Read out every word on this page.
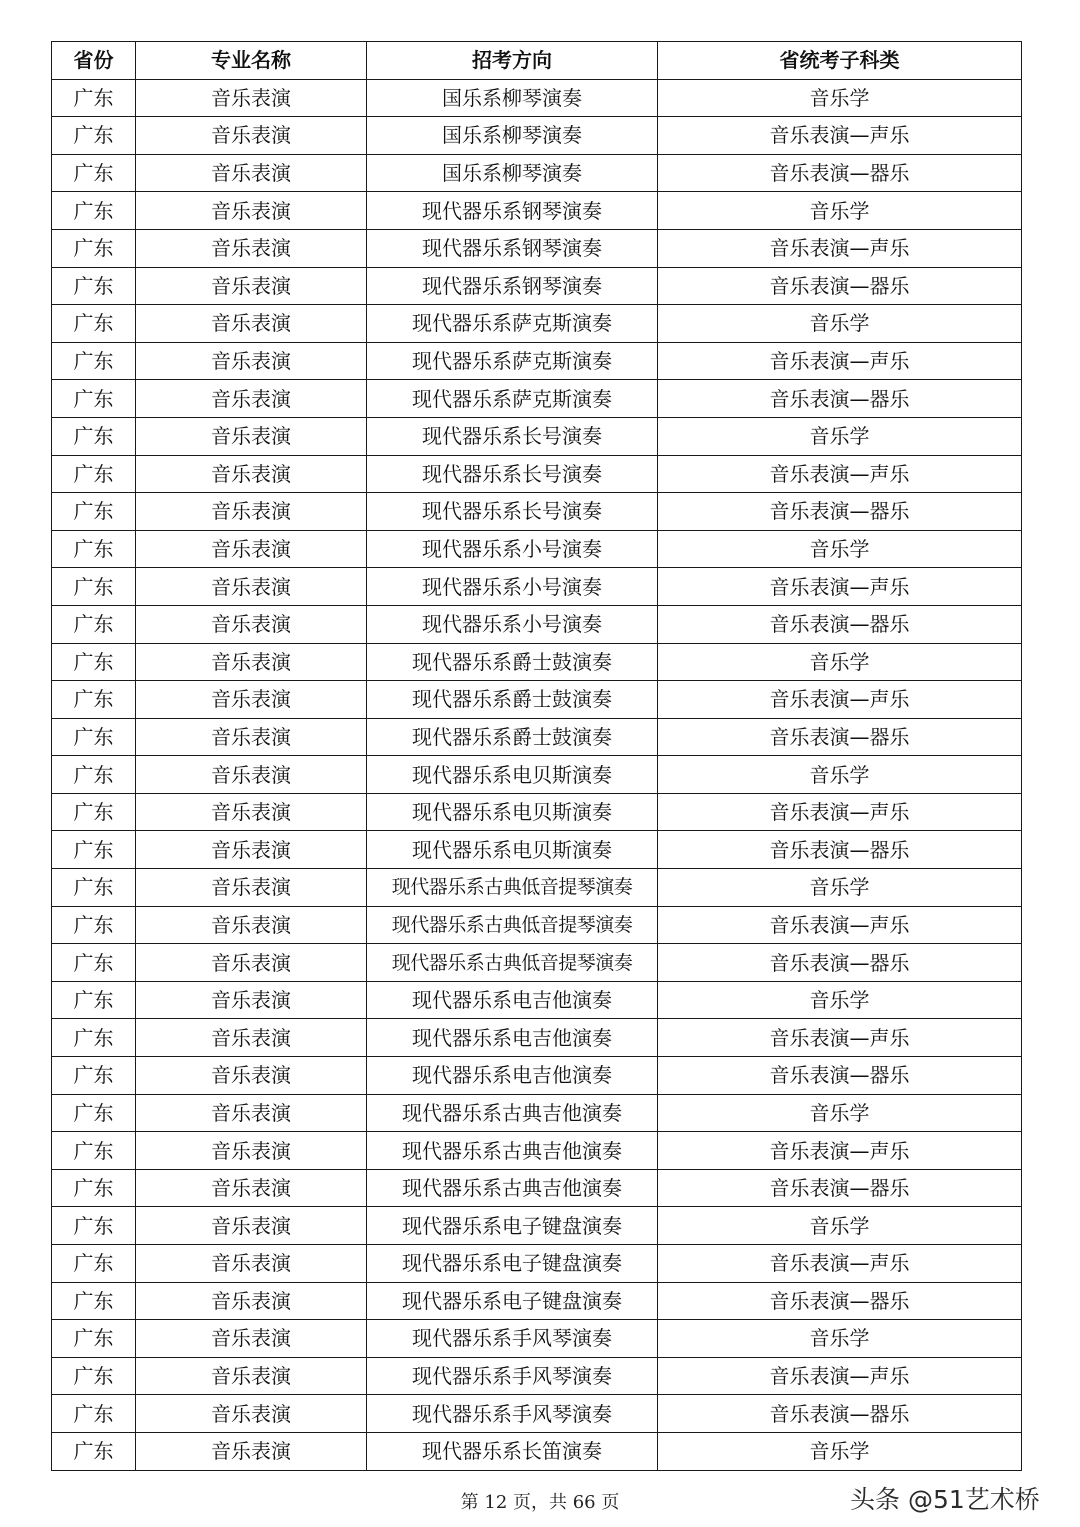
省份	专业名称	招考方向	省统考子科类
广东	音乐表演	国乐系柳琴演奏	音乐学
广东	音乐表演	国乐系柳琴演奏	音乐表演—声乐
广东	音乐表演	国乐系柳琴演奏	音乐表演—器乐
广东	音乐表演	现代器乐系钢琴演奏	音乐学
广东	音乐表演	现代器乐系钢琴演奏	音乐表演—声乐
广东	音乐表演	现代器乐系钢琴演奏	音乐表演—器乐
广东	音乐表演	现代器乐系萨克斯演奏	音乐学
广东	音乐表演	现代器乐系萨克斯演奏	音乐表演—声乐
广东	音乐表演	现代器乐系萨克斯演奏	音乐表演—器乐
广东	音乐表演	现代器乐系长号演奏	音乐学
广东	音乐表演	现代器乐系长号演奏	音乐表演—声乐
广东	音乐表演	现代器乐系长号演奏	音乐表演—器乐
广东	音乐表演	现代器乐系小号演奏	音乐学
广东	音乐表演	现代器乐系小号演奏	音乐表演—声乐
广东	音乐表演	现代器乐系小号演奏	音乐表演—器乐
广东	音乐表演	现代器乐系爵士鼓演奏	音乐学
广东	音乐表演	现代器乐系爵士鼓演奏	音乐表演—声乐
广东	音乐表演	现代器乐系爵士鼓演奏	音乐表演—器乐
广东	音乐表演	现代器乐系电贝斯演奏	音乐学
广东	音乐表演	现代器乐系电贝斯演奏	音乐表演—声乐
广东	音乐表演	现代器乐系电贝斯演奏	音乐表演—器乐
广东	音乐表演	现代器乐系古典低音提琴演奏	音乐学
广东	音乐表演	现代器乐系古典低音提琴演奏	音乐表演—声乐
广东	音乐表演	现代器乐系古典低音提琴演奏	音乐表演—器乐
广东	音乐表演	现代器乐系电吉他演奏	音乐学
广东	音乐表演	现代器乐系电吉他演奏	音乐表演—声乐
广东	音乐表演	现代器乐系电吉他演奏	音乐表演—器乐
广东	音乐表演	现代器乐系古典吉他演奏	音乐学
广东	音乐表演	现代器乐系古典吉他演奏	音乐表演—声乐
广东	音乐表演	现代器乐系古典吉他演奏	音乐表演—器乐
广东	音乐表演	现代器乐系电子键盘演奏	音乐学
广东	音乐表演	现代器乐系电子键盘演奏	音乐表演—声乐
广东	音乐表演	现代器乐系电子键盘演奏	音乐表演—器乐
广东	音乐表演	现代器乐系手风琴演奏	音乐学
广东	音乐表演	现代器乐系手风琴演奏	音乐表演—声乐
广东	音乐表演	现代器乐系手风琴演奏	音乐表演—器乐
广东	音乐表演	现代器乐系长笛演奏	音乐学
第 12 页，共 66 页	头条 @51艺术桥
